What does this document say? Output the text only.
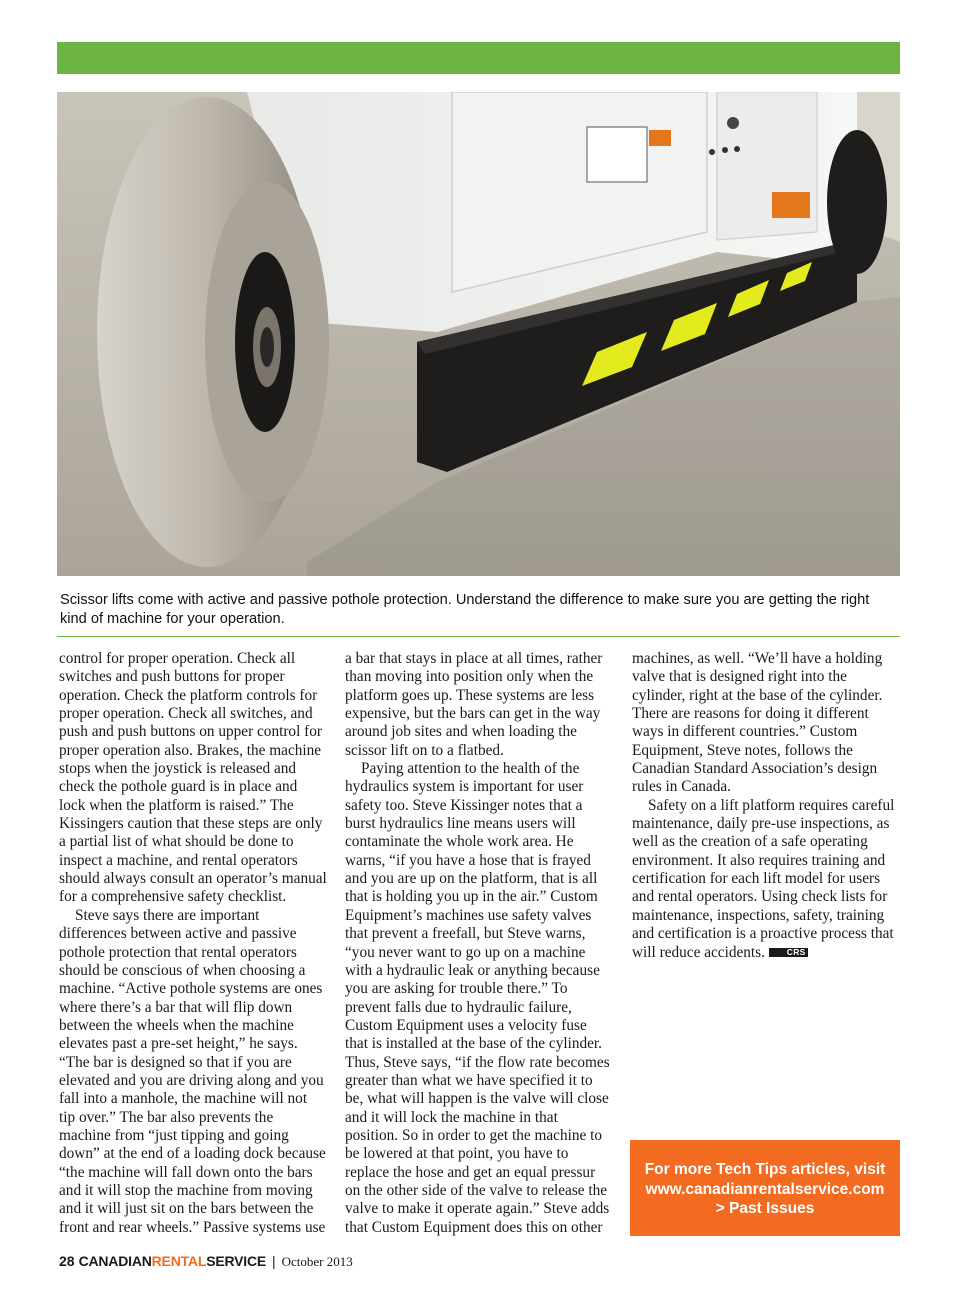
Scissor lifts come with active and passive pothole protection. Understand the difference to make sure you are getting the right kind of machine for your operation.

control for proper operation. Check all switches and push buttons for proper operation. Check the platform controls for proper operation. Check all switches, and push and push buttons on upper control for proper operation also. Brakes, the machine stops when the joystick is released and check the pothole guard is in place and lock when the platform is raised.” The Kissingers caution that these steps are only a partial list of what should be done to inspect a machine, and rental operators should always consult an operator’s manual for a comprehensive safety checklist.

Steve says there are important differences between active and passive pothole protection that rental operators should be conscious of when choosing a machine. “Active pothole systems are ones where there’s a bar that will flip down between the wheels when the machine elevates past a pre-set height,” he says. “The bar is designed so that if you are elevated and you are driving along and you fall into a manhole, the machine will not tip over.” The bar also prevents the machine from “just tipping and going down” at the end of a loading dock because “the machine will fall down onto the bars and it will stop the machine from moving and it will just sit on the bars between the front and rear wheels.” Passive systems use

a bar that stays in place at all times, rather than moving into position only when the platform goes up. These systems are less expensive, but the bars can get in the way around job sites and when loading the scissor lift on to a flatbed.

Paying attention to the health of the hydraulics system is important for user safety too. Steve Kissinger notes that a burst hydraulics line means users will contaminate the whole work area. He warns, “if you have a hose that is frayed and you are up on the platform, that is all that is holding you up in the air.” Custom Equipment’s machines use safety valves that prevent a freefall, but Steve warns, “you never want to go up on a machine with a hydraulic leak or anything because you are asking for trouble there.” To prevent falls due to hydraulic failure, Custom Equipment uses a velocity fuse that is installed at the base of the cylinder. Thus, Steve says, “if the flow rate becomes greater than what we have specified it to be, what will happen is the valve will close and it will lock the machine in that position. So in order to get the machine to be lowered at that point, you have to replace the hose and get an equal pressur on the other side of the valve to release the valve to make it operate again.” Steve adds that Custom Equipment does this on other

machines, as well. “We’ll have a holding valve that is designed right into the cylinder, right at the base of the cylinder. There are reasons for doing it different ways in different countries.” Custom Equipment, Steve notes, follows the Canadian Standard Association’s design rules in Canada.

Safety on a lift platform requires careful maintenance, daily pre-use inspections, as well as the creation of a safe operating environment. It also requires training and certification for each lift model for users and rental operators. Using check lists for maintenance, inspections, safety, training and certification is a proactive process that will reduce accidents.	CRS

For more Tech Tips articles, visit
www.canadianrentalservice.com
> Past Issues
28 CANADIANRENTALSERVICE | October 2013
